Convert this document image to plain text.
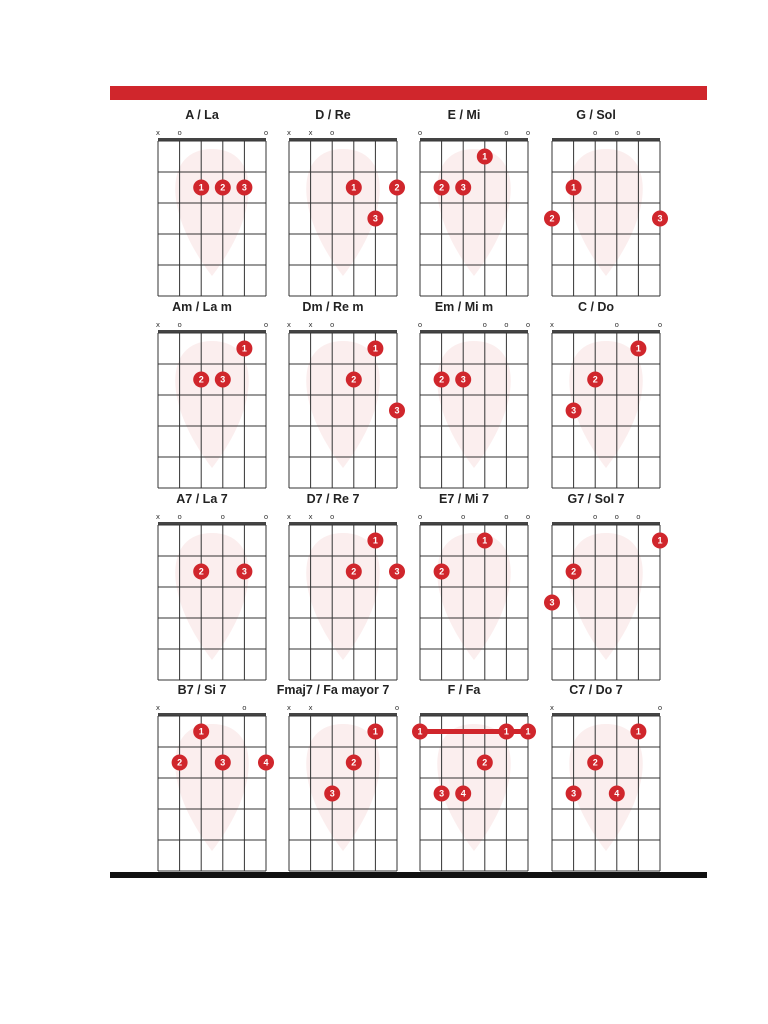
A / La
x o	o
1 2 3
D / Re
x x o
1	2
3
E / Mi
o	o o
1
2 3
G / Sol
o o o
1
2	3
Am / La m
x o	o
1
2 3
Dm / Re m
x x o
1
2
3
Em / Mi m
o	o o o
2 3
C / Do
x	o	o
1
2
3
A7 / La 7
x o	o	o
2	3
D7 / Re 7
x x o
1
2	3
E7 / Mi 7
o	o	o o
1
2
G7 / Sol 7
o o o
1
2
3
B7 / Si 7
x	o
1
2	3	4
Fmaj7 / Fa mayor 7
x x	o
1
2
3
F / Fa
1	1 1
2
3 4
C7 / Do 7
x	o
1
2
3	4
